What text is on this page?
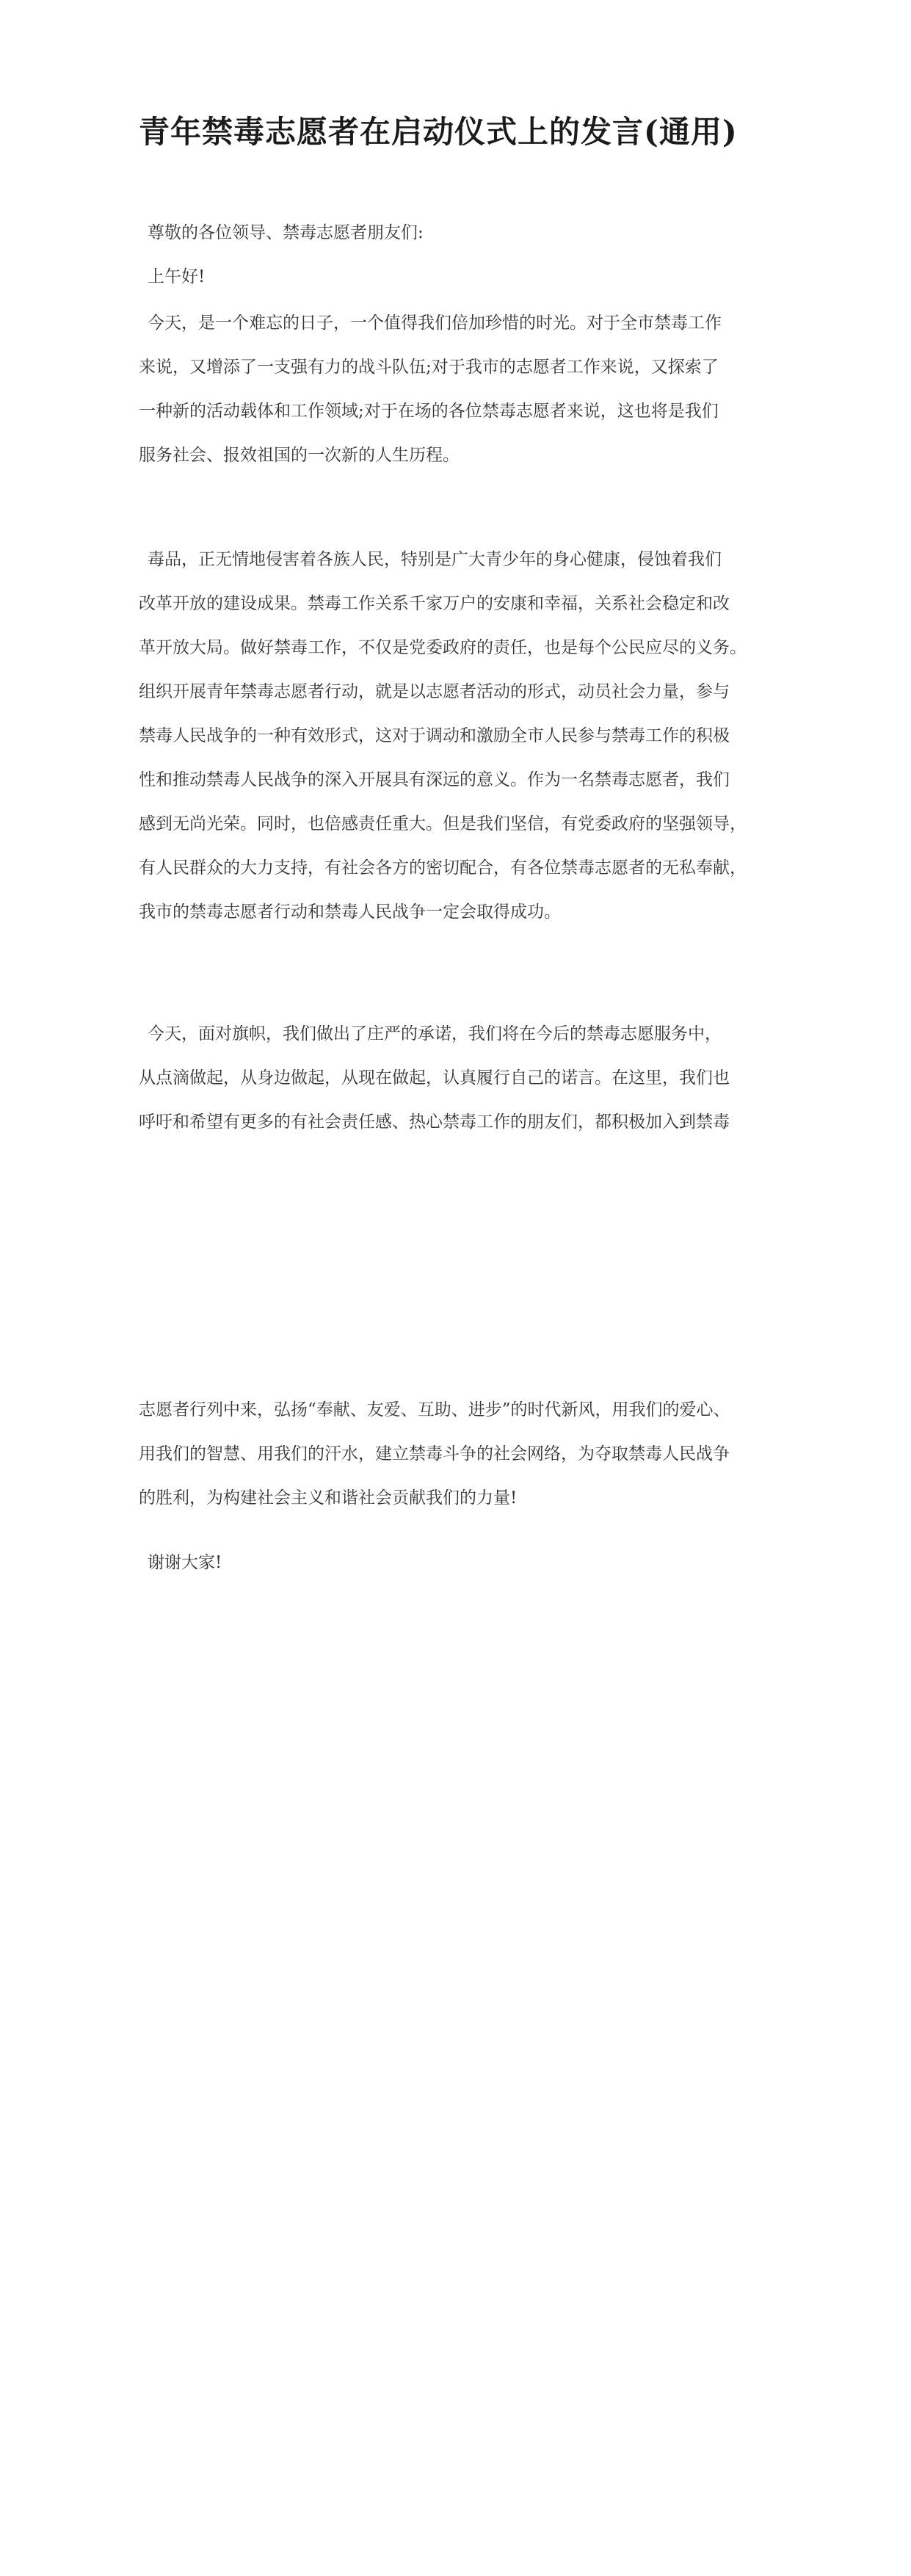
青年禁毒志愿者在启动仪式上的发言(通用)
尊敬的各位领导、禁毒志愿者朋友们:
上午好!
今天，是一个难忘的日子，一个值得我们倍加珍惜的时光。对于全市禁毒工作
来说，又增添了一支强有力的战斗队伍;对于我市的志愿者工作来说，又探索了
一种新的活动载体和工作领域;对于在场的各位禁毒志愿者来说，这也将是我们
服务社会、报效祖国的一次新的人生历程。
毒品，正无情地侵害着各族人民，特别是广大青少年的身心健康，侵蚀着我们
改革开放的建设成果。禁毒工作关系千家万户的安康和幸福，关系社会稳定和改
革开放大局。做好禁毒工作，不仅是党委政府的责任，也是每个公民应尽的义务。
组织开展青年禁毒志愿者行动，就是以志愿者活动的形式，动员社会力量，参与
禁毒人民战争的一种有效形式，这对于调动和激励全市人民参与禁毒工作的积极
性和推动禁毒人民战争的深入开展具有深远的意义。作为一名禁毒志愿者，我们
感到无尚光荣。同时，也倍感责任重大。但是我们坚信，有党委政府的坚强领导，
有人民群众的大力支持，有社会各方的密切配合，有各位禁毒志愿者的无私奉献，
我市的禁毒志愿者行动和禁毒人民战争一定会取得成功。
今天，面对旗帜，我们做出了庄严的承诺，我们将在今后的禁毒志愿服务中，
从点滴做起，从身边做起，从现在做起，认真履行自己的诺言。在这里，我们也
呼吁和希望有更多的有社会责任感、热心禁毒工作的朋友们，都积极加入到禁毒
志愿者行列中来，弘扬“奉献、友爱、互助、进步”的时代新风，用我们的爱心、
用我们的智慧、用我们的汗水，建立禁毒斗争的社会网络，为夺取禁毒人民战争
的胜利，为构建社会主义和谐社会贡献我们的力量!
谢谢大家!
